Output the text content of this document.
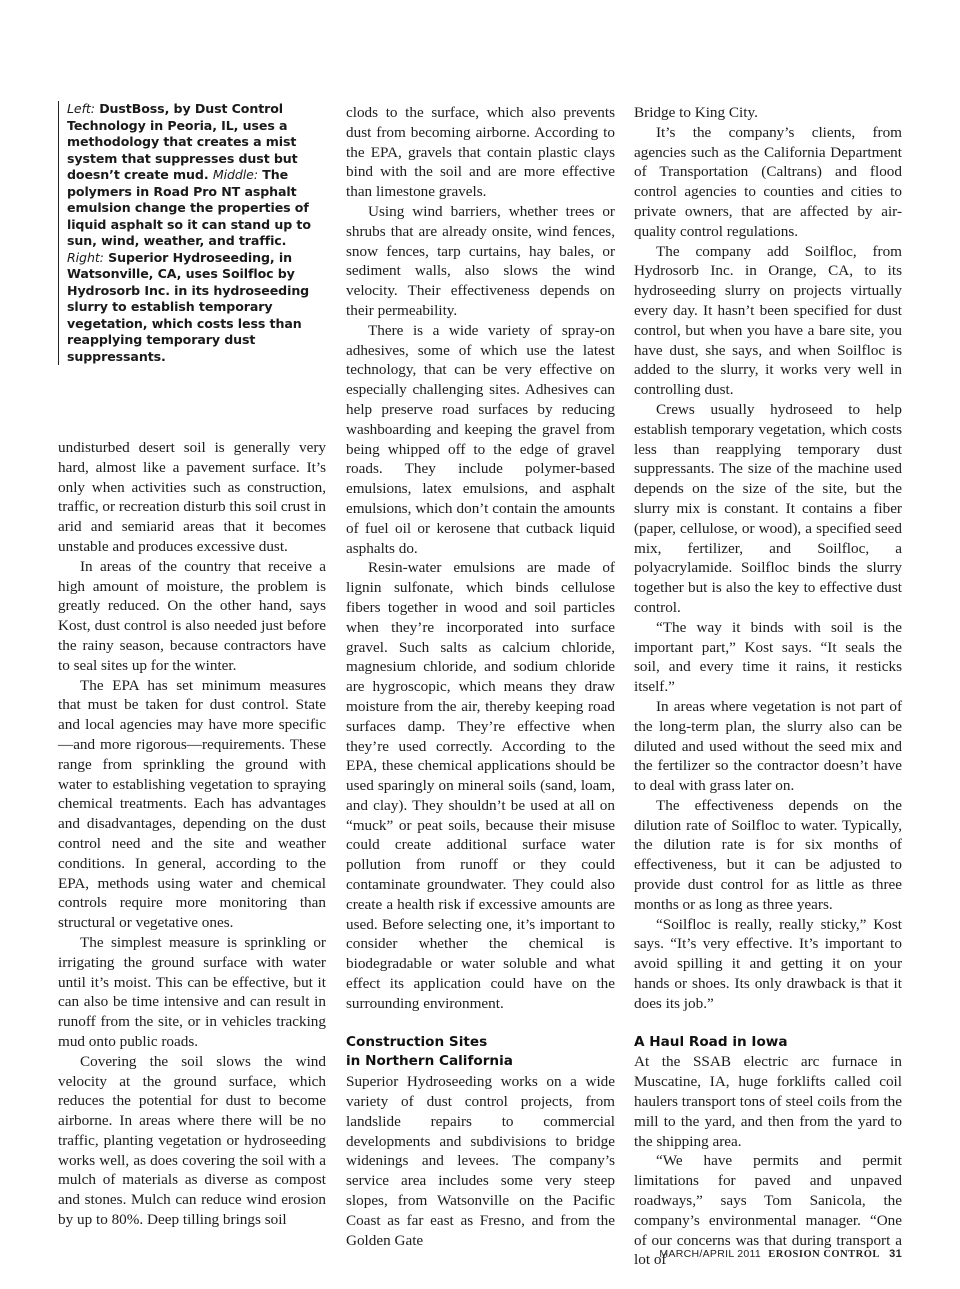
Left: DustBoss, by Dust Control Technology in Peoria, IL, uses a methodology that creates a mist system that suppresses dust but doesn’t create mud. Middle: The polymers in Road Pro NT asphalt emulsion change the properties of liquid asphalt so it can stand up to sun, wind, weather, and traffic. Right: Superior Hydroseeding, in Watsonville, CA, uses Soilfloc by Hydrosorb Inc. in its hydroseeding slurry to establish temporary vegetation, which costs less than reapplying temporary dust suppressants.

undisturbed desert soil is generally very hard, almost like a pavement surface. It’s only when activities such as construction, traffic, or recreation disturb this soil crust in arid and semiarid areas that it becomes unstable and produces excessive dust.

In areas of the country that receive a high amount of moisture, the problem is greatly reduced. On the other hand, says Kost, dust control is also needed just before the rainy season, because contractors have to seal sites up for the winter.

The EPA has set minimum measures that must be taken for dust control. State and local agencies may have more specific—and more rigorous—requirements. These range from sprinkling the ground with water to establishing vegetation to spraying chemical treatments. Each has advantages and disadvantages, depending on the dust control need and the site and weather conditions. In general, according to the EPA, methods using water and chemical controls require more monitoring than structural or vegetative ones.

The simplest measure is sprinkling or irrigating the ground surface with water until it’s moist. This can be effective, but it can also be time intensive and can result in runoff from the site, or in vehicles tracking mud onto public roads.

Covering the soil slows the wind velocity at the ground surface, which reduces the potential for dust to become airborne. In areas where there will be no traffic, planting vegetation or hydroseeding works well, as does covering the soil with a mulch of materials as diverse as compost and stones. Mulch can reduce wind erosion by up to 80%. Deep tilling brings soil

clods to the surface, which also prevents dust from becoming airborne. According to the EPA, gravels that contain plastic clays bind with the soil and are more effective than limestone gravels.

Using wind barriers, whether trees or shrubs that are already onsite, wind fences, snow fences, tarp curtains, hay bales, or sediment walls, also slows the wind velocity. Their effectiveness depends on their permeability.

There is a wide variety of spray-on adhesives, some of which use the latest technology, that can be very effective on especially challenging sites. Adhesives can help preserve road surfaces by reducing washboarding and keeping the gravel from being whipped off to the edge of gravel roads. They include polymer-based emulsions, latex emulsions, and asphalt emulsions, which don’t contain the amounts of fuel oil or kerosene that cutback liquid asphalts do.

Resin-water emulsions are made of lignin sulfonate, which binds cellulose fibers together in wood and soil particles when they’re incorporated into surface gravel. Such salts as calcium chloride, magnesium chloride, and sodium chloride are hygroscopic, which means they draw moisture from the air, thereby keeping road surfaces damp. They’re effective when they’re used correctly. According to the EPA, these chemical applications should be used sparingly on mineral soils (sand, loam, and clay). They shouldn’t be used at all on “muck” or peat soils, because their misuse could create additional surface water pollution from runoff or they could contaminate groundwater. They could also create a health risk if excessive amounts are used. Before selecting one, it’s important to consider whether the chemical is biodegradable or water soluble and what effect its application could have on the surrounding environment.

Construction Sites
in Northern California

Superior Hydroseeding works on a wide variety of dust control projects, from landslide repairs to commercial developments and subdivisions to bridge widenings and levees. The company’s service area includes some very steep slopes, from Watsonville on the Pacific Coast as far east as Fresno, and from the Golden Gate

Bridge to King City.

It’s the company’s clients, from agencies such as the California Department of Transportation (Caltrans) and flood control agencies to counties and cities to private owners, that are affected by air-quality control regulations.

The company add Soilfloc, from Hydrosorb Inc. in Orange, CA, to its hydroseeding slurry on projects virtually every day. It hasn’t been specified for dust control, but when you have a bare site, you have dust, she says, and when Soilfloc is added to the slurry, it works very well in controlling dust.

Crews usually hydroseed to help establish temporary vegetation, which costs less than reapplying temporary dust suppressants. The size of the machine used depends on the size of the site, but the slurry mix is constant. It contains a fiber (paper, cellulose, or wood), a specified seed mix, fertilizer, and Soilfloc, a polyacrylamide. Soilfloc binds the slurry together but is also the key to effective dust control.

“The way it binds with soil is the important part,” Kost says. “It seals the soil, and every time it rains, it resticks itself.”

In areas where vegetation is not part of the long-term plan, the slurry also can be diluted and used without the seed mix and the fertilizer so the contractor doesn’t have to deal with grass later on.

The effectiveness depends on the dilution rate of Soilfloc to water. Typically, the dilution rate is for six months of effectiveness, but it can be adjusted to provide dust control for as little as three months or as long as three years.

“Soilfloc is really, really sticky,” Kost says. “It’s very effective. It’s important to avoid spilling it and getting it on your hands or shoes. Its only drawback is that it does its job.”

A Haul Road in Iowa

At the SSAB electric arc furnace in Muscatine, IA, huge forklifts called coil haulers transport tons of steel coils from the mill to the yard, and then from the yard to the shipping area.

“We have permits and permit limitations for paved and unpaved roadways,” says Tom Sanicola, the company’s environmental manager. “One of our concerns was that during transport a lot of

MARCH/APRIL 2011 EROSION CONTROL 31
